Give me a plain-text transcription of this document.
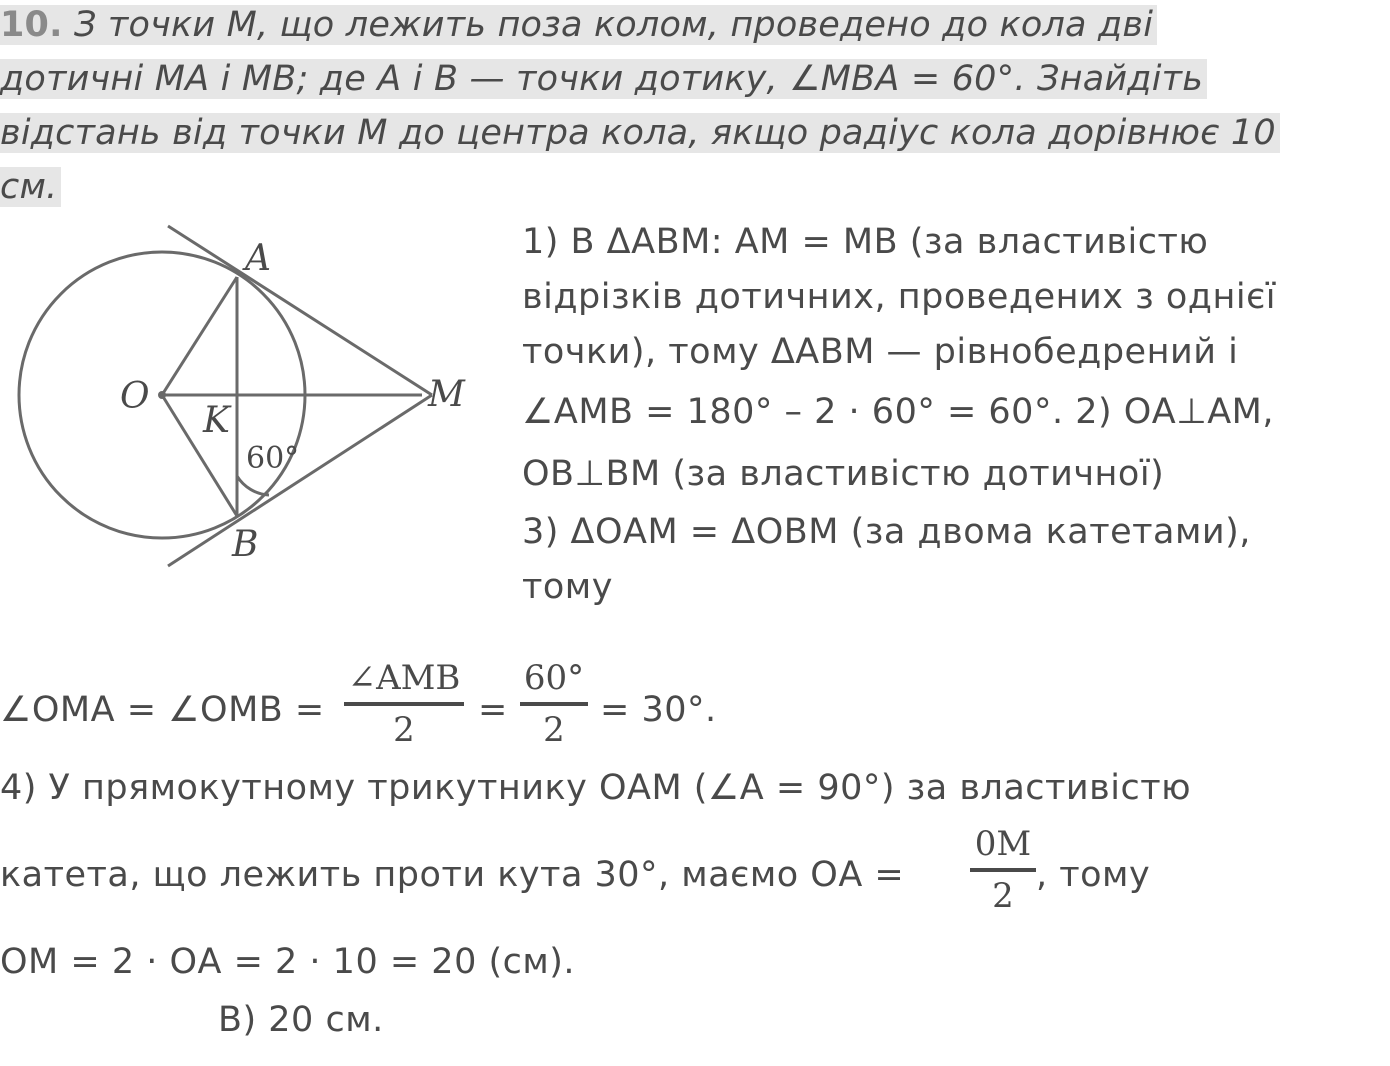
10. З точки М, що лежить поза колом, проведено до кола дві
дотичні МА і МВ; де А і В — точки дотику, ∠МВА = 60°. Знайдіть
відстань від точки М до центра кола, якщо радіус кола дорівнює 10
см.
A
B
O	M
K
60°
1) В ΔАВМ: АМ = МВ (за властивістю
відрізків дотичних, проведених з однієї
точки), тому ΔАВМ — рівнобедрений і
∠АМВ = 180° – 2 · 60° = 60°. 2) ОА⊥АМ,
ОВ⊥ВМ (за властивістю дотичної)
3) ΔОАМ = ΔОВМ (за двома катетами),
тому
∠OMA = ∠OMB =
∠AMB
2	=
60°
2	= 30°.
4) У прямокутному трикутнику ОАМ (∠А = 90°) за властивістю
катета, що лежить проти кута 30°, маємо ОА =
0M
2
, тому
ОМ = 2 · ОА = 2 · 10 = 20 (см).
В) 20 см.
